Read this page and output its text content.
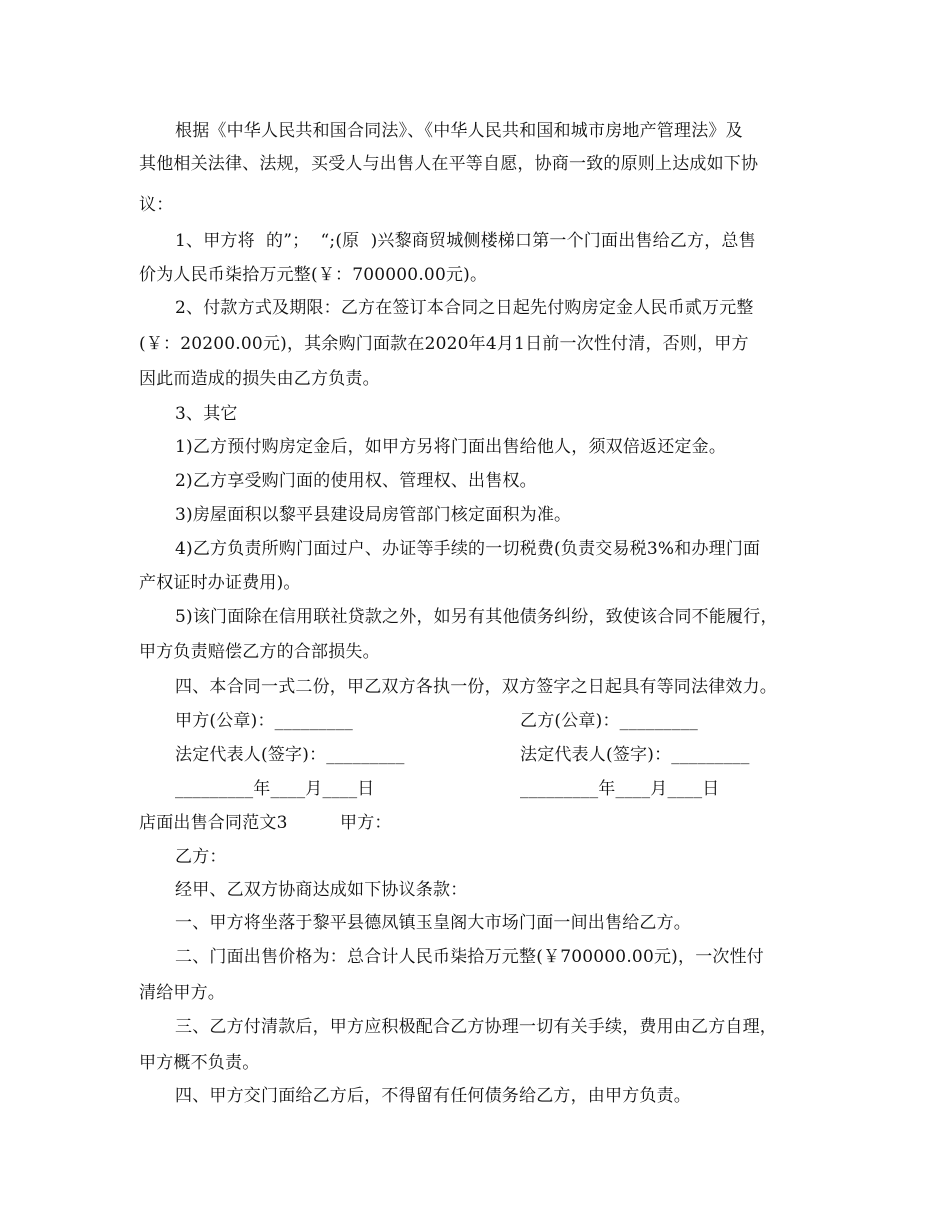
根据《中华人民共和国合同法》、《中华人民共和国和城市房地产管理法》及
其他相关法律、法规，买受人与出售人在平等自愿，协商一致的原则上达成如下协
议：
1、甲方将  的”；  “;(原  )兴黎商贸城侧楼梯口第一个门面出售给乙方，总售
价为人民币柒拾万元整(￥：700000.00元)。
2、付款方式及期限：乙方在签订本合同之日起先付购房定金人民币贰万元整
(￥：20200.00元)，其余购门面款在2020年4月1日前一次性付清，否则，甲方
因此而造成的损失由乙方负责。
3、其它
1)乙方预付购房定金后，如甲方另将门面出售给他人，须双倍返还定金。
2)乙方享受购门面的使用权、管理权、出售权。
3)房屋面积以黎平县建设局房管部门核定面积为准。
4)乙方负责所购门面过户、办证等手续的一切税费(负责交易税3%和办理门面
产权证时办证费用)。
5)该门面除在信用联社贷款之外，如另有其他债务纠纷，致使该合同不能履行，
甲方负责赔偿乙方的合部损失。
四、本合同一式二份，甲乙双方各执一份，双方签字之日起具有等同法律效力。
甲方(公章)：_________	乙方(公章)：_________
法定代表人(签字)：_________	法定代表人(签字)：_________
_________年____月____日	_________年____月____日
店面出售合同范文3	甲方：
乙方：
经甲、乙双方协商达成如下协议条款：
一、甲方将坐落于黎平县德凤镇玉皇阁大市场门面一间出售给乙方。
二、门面出售价格为：总合计人民币柒拾万元整(￥700000.00元)，一次性付
清给甲方。
三、乙方付清款后，甲方应积极配合乙方协理一切有关手续，费用由乙方自理，
甲方概不负责。
四、甲方交门面给乙方后，不得留有任何债务给乙方，由甲方负责。
